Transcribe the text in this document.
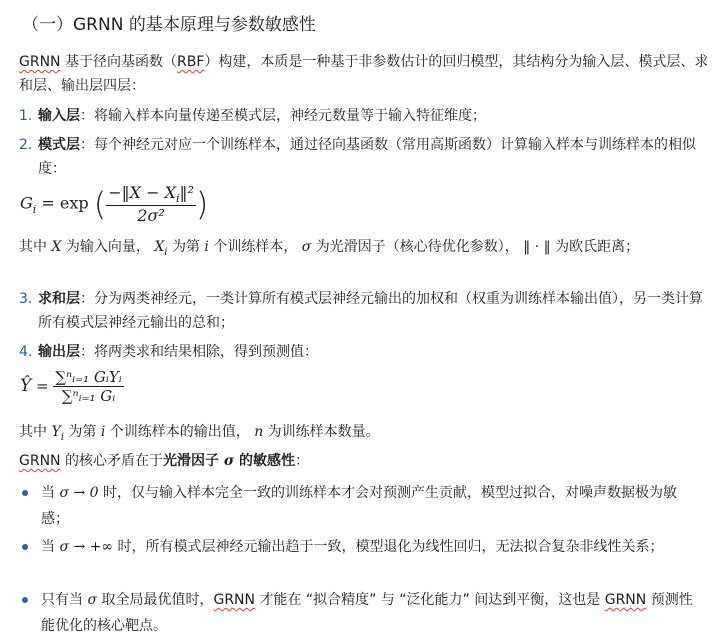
（一）GRNN 的基本原理与参数敏感性
GRNN 基于径向基函数（RBF）构建，本质是一种基于非参数估计的回归模型，其结构分为输入层、模式层、求和层、输出层四层：
1. 输入层：将输入样本向量传递至模式层，神经元数量等于输入特征维度；
2. 模式层：每个神经元对应一个训练样本，通过径向基函数（常用高斯函数）计算输入样本与训练样本的相似度：
$G_i = \exp$ ( $\frac{-‖X - X_i‖^2}{\text{2σ²}}$ )
其中 X 为输入向量， $X_i$ 为第 i 个训练样本， σ 为光滑因子（核心待优化参数）， ‖ · ‖ 为欧氏距离；
3. 求和层：分为两类神经元，一类计算所有模式层神经元输出的加权和（权重为训练样本输出值），另一类计算所有模式层神经元输出的总和；
4. 输出层：将两类求和结果相除，得到预测值：
Ŷ = $\frac{\text{∑ⁿᵢ₌₁ GᵢYᵢ}}{\text{∑ⁿᵢ₌₁ Gᵢ}}$
其中 $Y_i$ 为第 i 个训练样本的输出值， n 为训练样本数量。
GRNN 的核心矛盾在于光滑因子 σ 的敏感性：
当 σ → 0 时，仅与输入样本完全一致的训练样本才会对预测产生贡献，模型过拟合，对噪声数据极为敏感；
当 σ → +∞ 时，所有模式层神经元输出趋于一致，模型退化为线性回归，无法拟合复杂非线性关系；
只有当 σ 取全局最优值时，GRNN 才能在 “拟合精度” 与 “泛化能力” 间达到平衡，这也是 GRNN 预测性能优化的核心靶点。
